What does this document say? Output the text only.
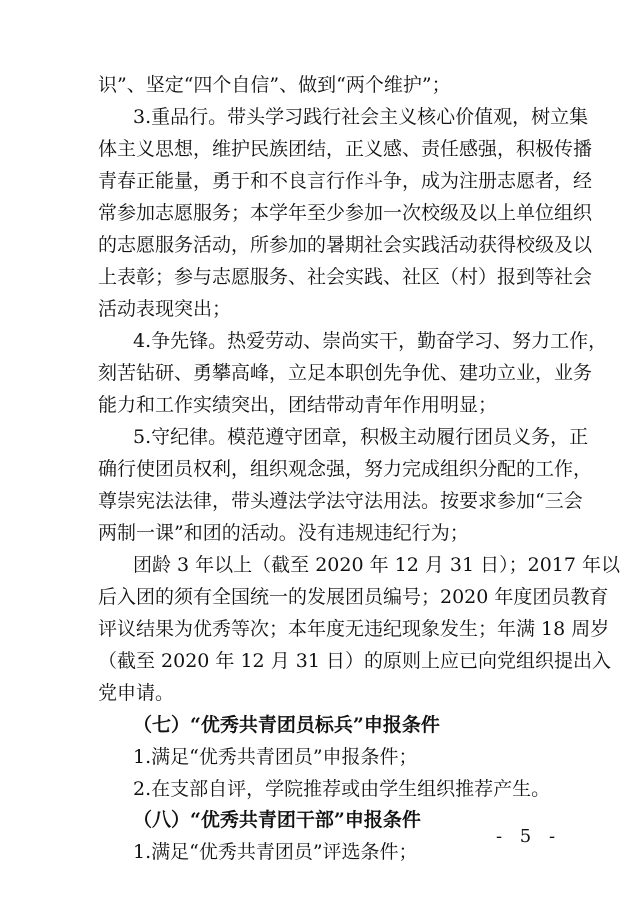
识”、坚定“四个自信”、做到“两个维护”；
3.重品行。带头学习践行社会主义核心价值观，树立集
体主义思想，维护民族团结，正义感、责任感强，积极传播
青春正能量，勇于和不良言行作斗争，成为注册志愿者，经
常参加志愿服务；本学年至少参加一次校级及以上单位组织
的志愿服务活动，所参加的暑期社会实践活动获得校级及以
上表彰；参与志愿服务、社会实践、社区（村）报到等社会
活动表现突出；
4.争先锋。热爱劳动、崇尚实干，勤奋学习、努力工作，
刻苦钻研、勇攀高峰，立足本职创先争优、建功立业，业务
能力和工作实绩突出，团结带动青年作用明显；
5.守纪律。模范遵守团章，积极主动履行团员义务，正
确行使团员权利，组织观念强，努力完成组织分配的工作，
尊崇宪法法律，带头遵法学法守法用法。按要求参加“三会
两制一课”和团的活动。没有违规违纪行为；
团龄 3 年以上（截至 2020 年 12 月 31 日）；2017 年以
后入团的须有全国统一的发展团员编号；2020 年度团员教育
评议结果为优秀等次；本年度无违纪现象发生；年满 18 周岁
（截至 2020 年 12 月 31 日）的原则上应已向党组织提出入
党申请。
（七）“优秀共青团员标兵”申报条件
1.满足“优秀共青团员”申报条件；
2.在支部自评，学院推荐或由学生组织推荐产生。
（八）“优秀共青团干部”申报条件
1.满足“优秀共青团员”评选条件；
- 5 -
